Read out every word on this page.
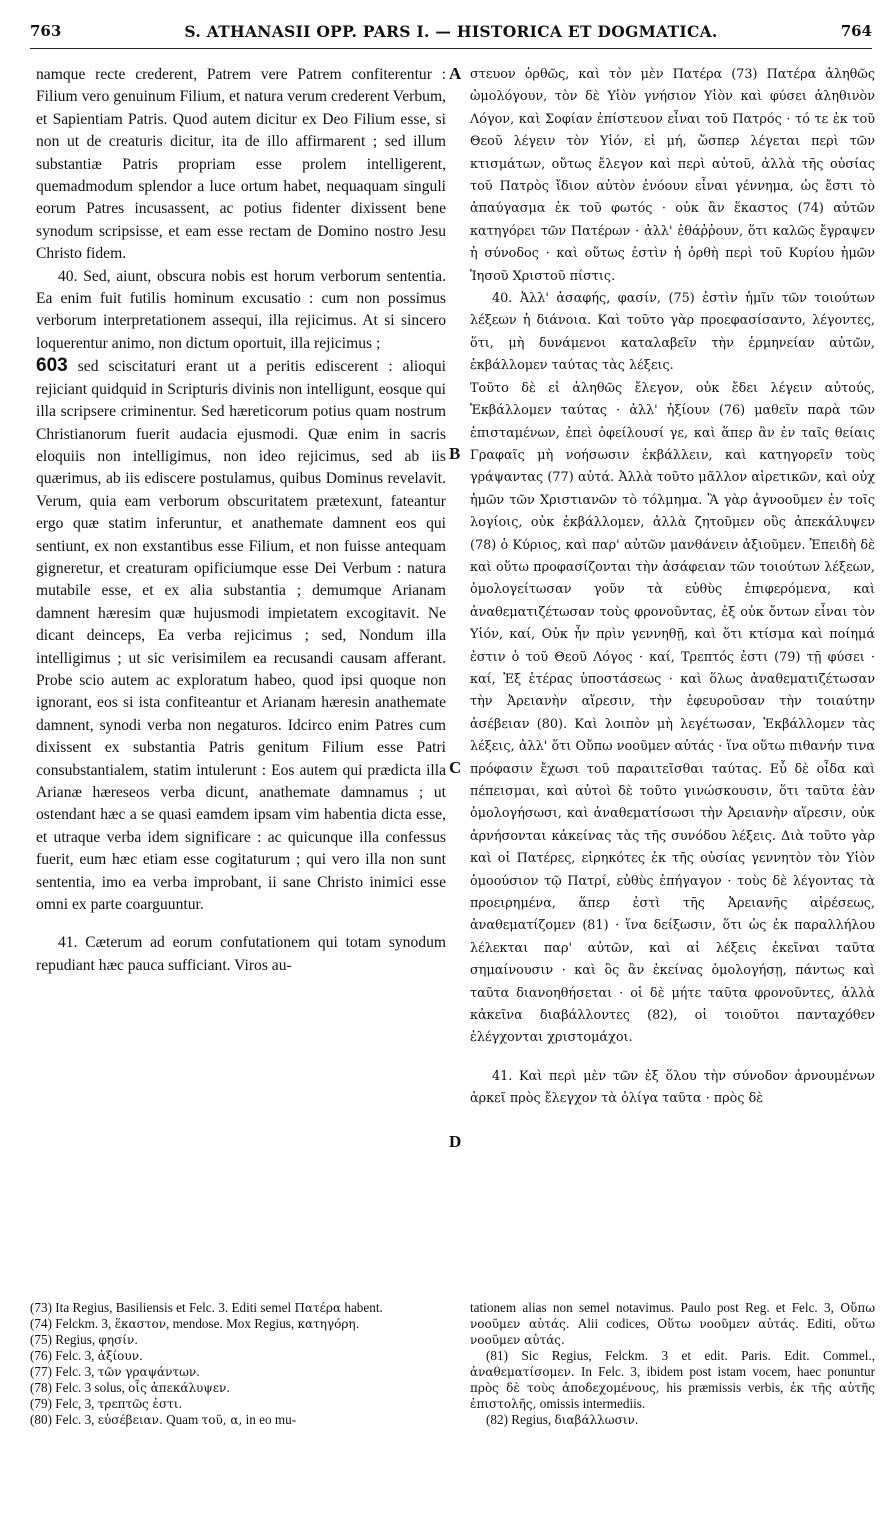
763	S. ATHANASII OPP. PARS I. — HISTORICA ET DOGMATICA.	764

namque recte crederent, Patrem vere Patrem confiterentur : Filium vero genuinum Filium, et natura verum crederent Verbum, et Sapientiam Patris. Quod autem dicitur ex Deo Filium esse, si non ut de creaturis dicitur, ita de illo affirmarent ; sed illum substantiæ Patris propriam esse prolem intelligerent, quemadmodum splendor a luce ortum habet, nequaquam singuli eorum Patres incusassent, ac potius fidenter dixissent bene synodum scripsisse, et eam esse rectam de Domino nostro Jesu Christo fidem.

40. Sed, aiunt, obscura nobis est horum verborum sententia. Ea enim fuit futilis hominum excusatio : cum non possimus verborum interpretationem assequi, illa rejicimus. At si sincero loquerentur animo, non dictum oportuit, illa rejicimus ;

603 sed sciscitaturi erant ut a peritis ediscerent : alioqui rejiciant quidquid in Scripturis divinis non intelligunt, eosque qui illa scripsere criminentur. Sed hæreticorum potius quam nostrum Christianorum fuerit audacia ejusmodi. Quæ enim in sacris eloquiis non intelligimus, non ideo rejicimus, sed ab iis quærimus, ab iis ediscere postulamus, quibus Dominus revelavit. Verum, quia eam verborum obscuritatem prætexunt, fateantur ergo quæ statim inferuntur, et anathemate damnent eos qui sentiunt, ex non exstantibus esse Filium, et non fuisse antequam gigneretur, et creaturam opificiumque esse Dei Verbum : natura mutabile esse, et ex alia substantia ; demumque Arianam damnent hæresim quæ hujusmodi impietatem excogitavit. Ne dicant deinceps, Ea verba rejicimus ; sed, Nondum illa intelligimus ; ut sic verisimilem ea recusandi causam afferant. Probe scio autem ac exploratum habeo, quod ipsi quoque non ignorant, eos si ista confiteantur et Arianam hæresin anathemate damnent, synodi verba non negaturos. Idcirco enim Patres cum dixissent ex substantia Patris genitum Filium esse Patri consubstantialem, statim intulerunt : Eos autem qui prædicta illa Arianæ hæreseos verba dicunt, anathemate damnamus ; ut ostendant hæc a se quasi eamdem ipsam vim habentia dicta esse, et utraque verba idem significare : ac quicunque illa confessus fuerit, eum hæc etiam esse cogitaturum ; qui vero illa non sunt sententia, imo ea verba improbant, ii sane Christo inimici esse omni ex parte coarguuntur.

41. Cæterum ad eorum confutationem qui totam synodum repudiant hæc pauca sufficiant. Viros au-

A
B
C
D

στευον ὀρθῶς, καὶ τὸν μὲν Πατέρα (73) Πατέρα ἀληθῶς ὡμολόγουν, τὸν δὲ Υἱὸν γνήσιον Υἱὸν καὶ φύσει ἀληθινὸν Λόγον, καὶ Σοφίαν ἐπίστευον εἶναι τοῦ Πατρός · τό τε ἐκ τοῦ Θεοῦ λέγειν τὸν Υἱόν, εἰ μή, ὥσπερ λέγεται περὶ τῶν κτισμάτων, οὕτως ἔλεγον καὶ περὶ αὐτοῦ, ἀλλὰ τῆς οὐσίας τοῦ Πατρὸς ἴδιον αὐτὸν ἐνόουν εἶναι γέννημα, ὡς ἔστι τὸ ἀπαύγασμα ἐκ τοῦ φωτός · οὐκ ἂν ἕκαστος (74) αὐτῶν κατηγόρει τῶν Πατέρων · ἀλλ' ἐθάῤῥουν, ὅτι καλῶς ἔγραψεν ἡ σύνοδος · καὶ οὕτως ἐστὶν ἡ ὀρθὴ περὶ τοῦ Κυρίου ἡμῶν Ἰησοῦ Χριστοῦ πίστις.

40. Ἀλλ' ἀσαφής, φασίν, (75) ἐστὶν ἡμῖν τῶν τοιούτων λέξεων ἡ διάνοια. Καὶ τοῦτο γὰρ προεφασίσαντο, λέγοντες, ὅτι, μὴ δυνάμενοι καταλαβεῖν τὴν ἑρμηνείαν αὐτῶν, ἐκβάλλομεν ταύτας τὰς λέξεις.

Τοῦτο δὲ εἰ ἀληθῶς ἔλεγον, οὐκ ἔδει λέγειν αὐτούς, Ἐκβάλλομεν ταύτας · ἀλλ' ἠξίουν (76) μαθεῖν παρὰ τῶν ἐπισταμένων, ἐπεὶ ὀφείλουσί γε, καὶ ἅπερ ἂν ἐν ταῖς θείαις Γραφαῖς μὴ νοήσωσιν ἐκβάλλειν, καὶ κατηγορεῖν τοὺς γράψαντας (77) αὐτά. Ἀλλὰ τοῦτο μᾶλλον αἱρετικῶν, καὶ οὐχ ἡμῶν τῶν Χριστιανῶν τὸ τόλμημα. Ἃ γὰρ ἀγνοοῦμεν ἐν τοῖς λογίοις, οὐκ ἐκβάλλομεν, ἀλλὰ ζητοῦμεν οὓς ἀπεκάλυψεν (78) ὁ Κύριος, καὶ παρ' αὐτῶν μανθάνειν ἀξιοῦμεν. Ἐπειδὴ δὲ καὶ οὕτω προφασίζονται τὴν ἀσάφειαν τῶν τοιούτων λέξεων, ὁμολογείτωσαν γοῦν τὰ εὐθὺς ἐπιφερόμενα, καὶ ἀναθεματιζέτωσαν τοὺς φρονοῦντας, ἐξ οὐκ ὄντων εἶναι τὸν Υἱόν, καί, Οὐκ ἦν πρὶν γεννηθῇ, καὶ ὅτι κτίσμα καὶ ποίημά ἐστιν ὁ τοῦ Θεοῦ Λόγος · καί, Τρεπτός ἐστι (79) τῇ φύσει · καί, Ἐξ ἑτέρας ὑποστάσεως · καὶ ὅλως ἀναθεματιζέτωσαν τὴν Ἀρειανὴν αἵρεσιν, τὴν ἐφευροῦσαν τὴν τοιαύτην ἀσέβειαν (80). Καὶ λοιπὸν μὴ λεγέτωσαν, Ἐκβάλλομεν τὰς λέξεις, ἀλλ' ὅτι Οὔπω νοοῦμεν αὐτάς · ἵνα οὕτω πιθανήν τινα πρόφασιν ἔχωσι τοῦ παραιτεῖσθαι ταύτας. Εὖ δὲ οἶδα καὶ πέπεισμαι, καὶ αὐτοὶ δὲ τοῦτο γινώσκουσιν, ὅτι ταῦτα ἐὰν ὁμολογήσωσι, καὶ ἀναθεματίσωσι τὴν Ἀρειανὴν αἵρεσιν, οὐκ ἀρνήσονται κἀκείνας τὰς τῆς συνόδου λέξεις. Διὰ τοῦτο γὰρ καὶ οἱ Πατέρες, εἰρηκότες ἐκ τῆς οὐσίας γεννητὸν τὸν Υἱὸν ὁμοούσιον τῷ Πατρί, εὐθὺς ἐπήγαγον · τοὺς δὲ λέγοντας τὰ προειρημένα, ἅπερ ἐστὶ τῆς Ἀρειανῆς αἱρέσεως, ἀναθεματίζομεν (81) · ἵνα δείξωσιν, ὅτι ὡς ἐκ παραλλήλου λέλεκται παρ' αὐτῶν, καὶ αἱ λέξεις ἐκεῖναι ταῦτα σημαίνουσιν · καὶ ὃς ἂν ἐκείνας ὁμολογήσῃ, πάντως καὶ ταῦτα διανοηθήσεται · οἱ δὲ μήτε ταῦτα φρονοῦντες, ἀλλὰ κἀκεῖνα διαβάλλοντες (82), οἱ τοιοῦτοι πανταχόθεν ἐλέγχονται χριστομάχοι.

41. Καὶ περὶ μὲν τῶν ἐξ ὅλου τὴν σύνοδον ἀρνουμένων ἀρκεῖ πρὸς ἔλεγχον τὰ ὀλίγα ταῦτα · πρὸς δὲ

(73) Ita Regius, Basiliensis et Felc. 3. Editi semel Πατέρα habent.

(74) Felckm. 3, ἕκαστον, mendose. Mox Regius, κατηγόρη.

(75) Regius, φησίν.

(76) Felc. 3, ἀξίουν.

(77) Felc. 3, τῶν γραψάντων.

(78) Felc. 3 solus, οἷς ἀπεκάλυψεν.

(79) Felc, 3, τρεπτῶς ἐστι.

(80) Felc. 3, εὐσέβειαν. Quam τοῦ, α, in eo mu-

tationem alias non semel notavimus. Paulo post Reg. et Felc. 3, Οὔπω νοοῦμεν αὐτάς. Alii codices, Οὕτω νοοῦμεν αὐτάς. Editi, οὕτω νοοῦμεν αὐτάς.

(81) Sic Regius, Felckm. 3 et edit. Paris. Edit. Commel., ἀναθεματίσομεν. In Felc. 3, ibidem post istam vocem, haec ponuntur πρὸς δὲ τοὺς ἀποδεχομένους, his præmissis verbis, ἐκ τῆς αὐτῆς ἐπιστολῆς, omissis intermediis.

(82) Regius, διαβάλλωσιν.
